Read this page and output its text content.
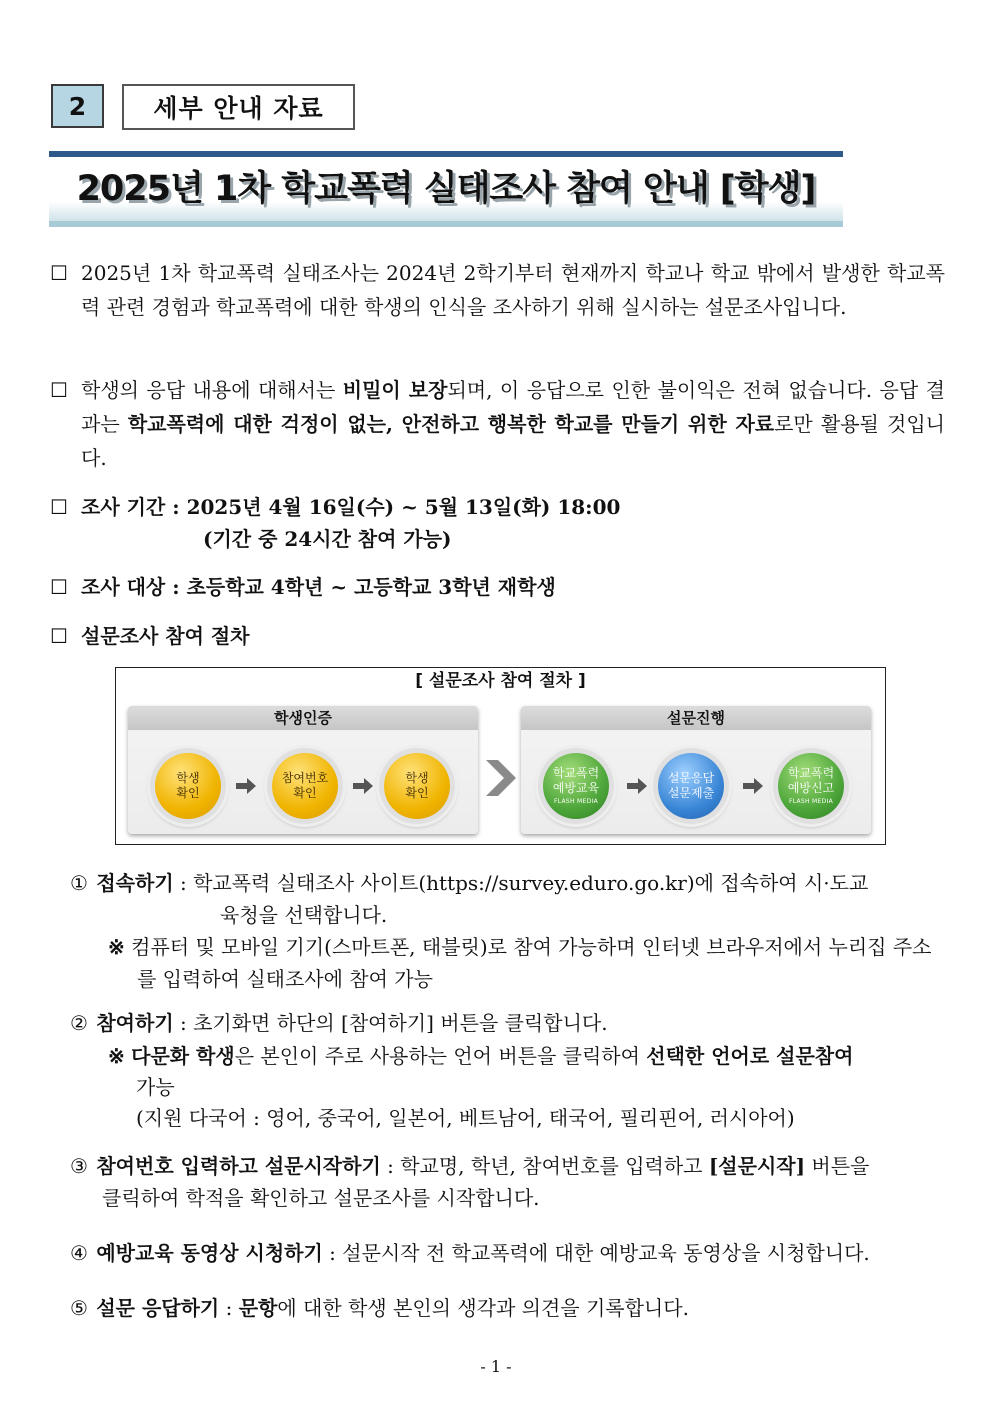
2	세부 안내 자료
2025년 1차 학교폭력 실태조사 참여 안내 [학생]
☐ 2025년 1차 학교폭력 실태조사는 2024년 2학기부터 현재까지 학교나 학교 밖에서 발생한 학교폭력 관련 경험과 학교폭력에 대한 학생의 인식을 조사하기 위해 실시하는 설문조사입니다.
☐ 학생의 응답 내용에 대해서는 비밀이 보장되며, 이 응답으로 인한 불이익은 전혀 없습니다. 응답 결과는 학교폭력에 대한 걱정이 없는, 안전하고 행복한 학교를 만들기 위한 자료로만 활용될 것입니다.
☐ 조사 기간 : 2025년 4월 16일(수) ~ 5월 13일(화) 18:00
(기간 중 24시간 참여 가능)
☐ 조사 대상 : 초등학교 4학년 ~ 고등학교 3학년 재학생
☐ 설문조사 참여 절차
[ 설문조사 참여 절차 ]
학생인증
학생
확인
참여번호
확인
학생
확인
설문진행
학교폭력
예방교육
FLASH MEDIA
설문응답
설문제출
학교폭력
예방신고
FLASH MEDIA
① 접속하기 : 학교폭력 실태조사 사이트(https://survey.eduro.go.kr)에 접속하여 시·도교
육청을 선택합니다.
※ 컴퓨터 및 모바일 기기(스마트폰, 태블릿)로 참여 가능하며 인터넷 브라우저에서 누리집 주소
를 입력하여 실태조사에 참여 가능
② 참여하기 : 초기화면 하단의 [참여하기] 버튼을 클릭합니다.
※ 다문화 학생은 본인이 주로 사용하는 언어 버튼을 클릭하여 선택한 언어로 설문참여
가능
(지원 다국어 : 영어, 중국어, 일본어, 베트남어, 태국어, 필리핀어, 러시아어)
③ 참여번호 입력하고 설문시작하기 : 학교명, 학년, 참여번호를 입력하고 [설문시작] 버튼을
클릭하여 학적을 확인하고 설문조사를 시작합니다.
④ 예방교육 동영상 시청하기 : 설문시작 전 학교폭력에 대한 예방교육 동영상을 시청합니다.
⑤ 설문 응답하기 : 문항에 대한 학생 본인의 생각과 의견을 기록합니다.
- 1 -
